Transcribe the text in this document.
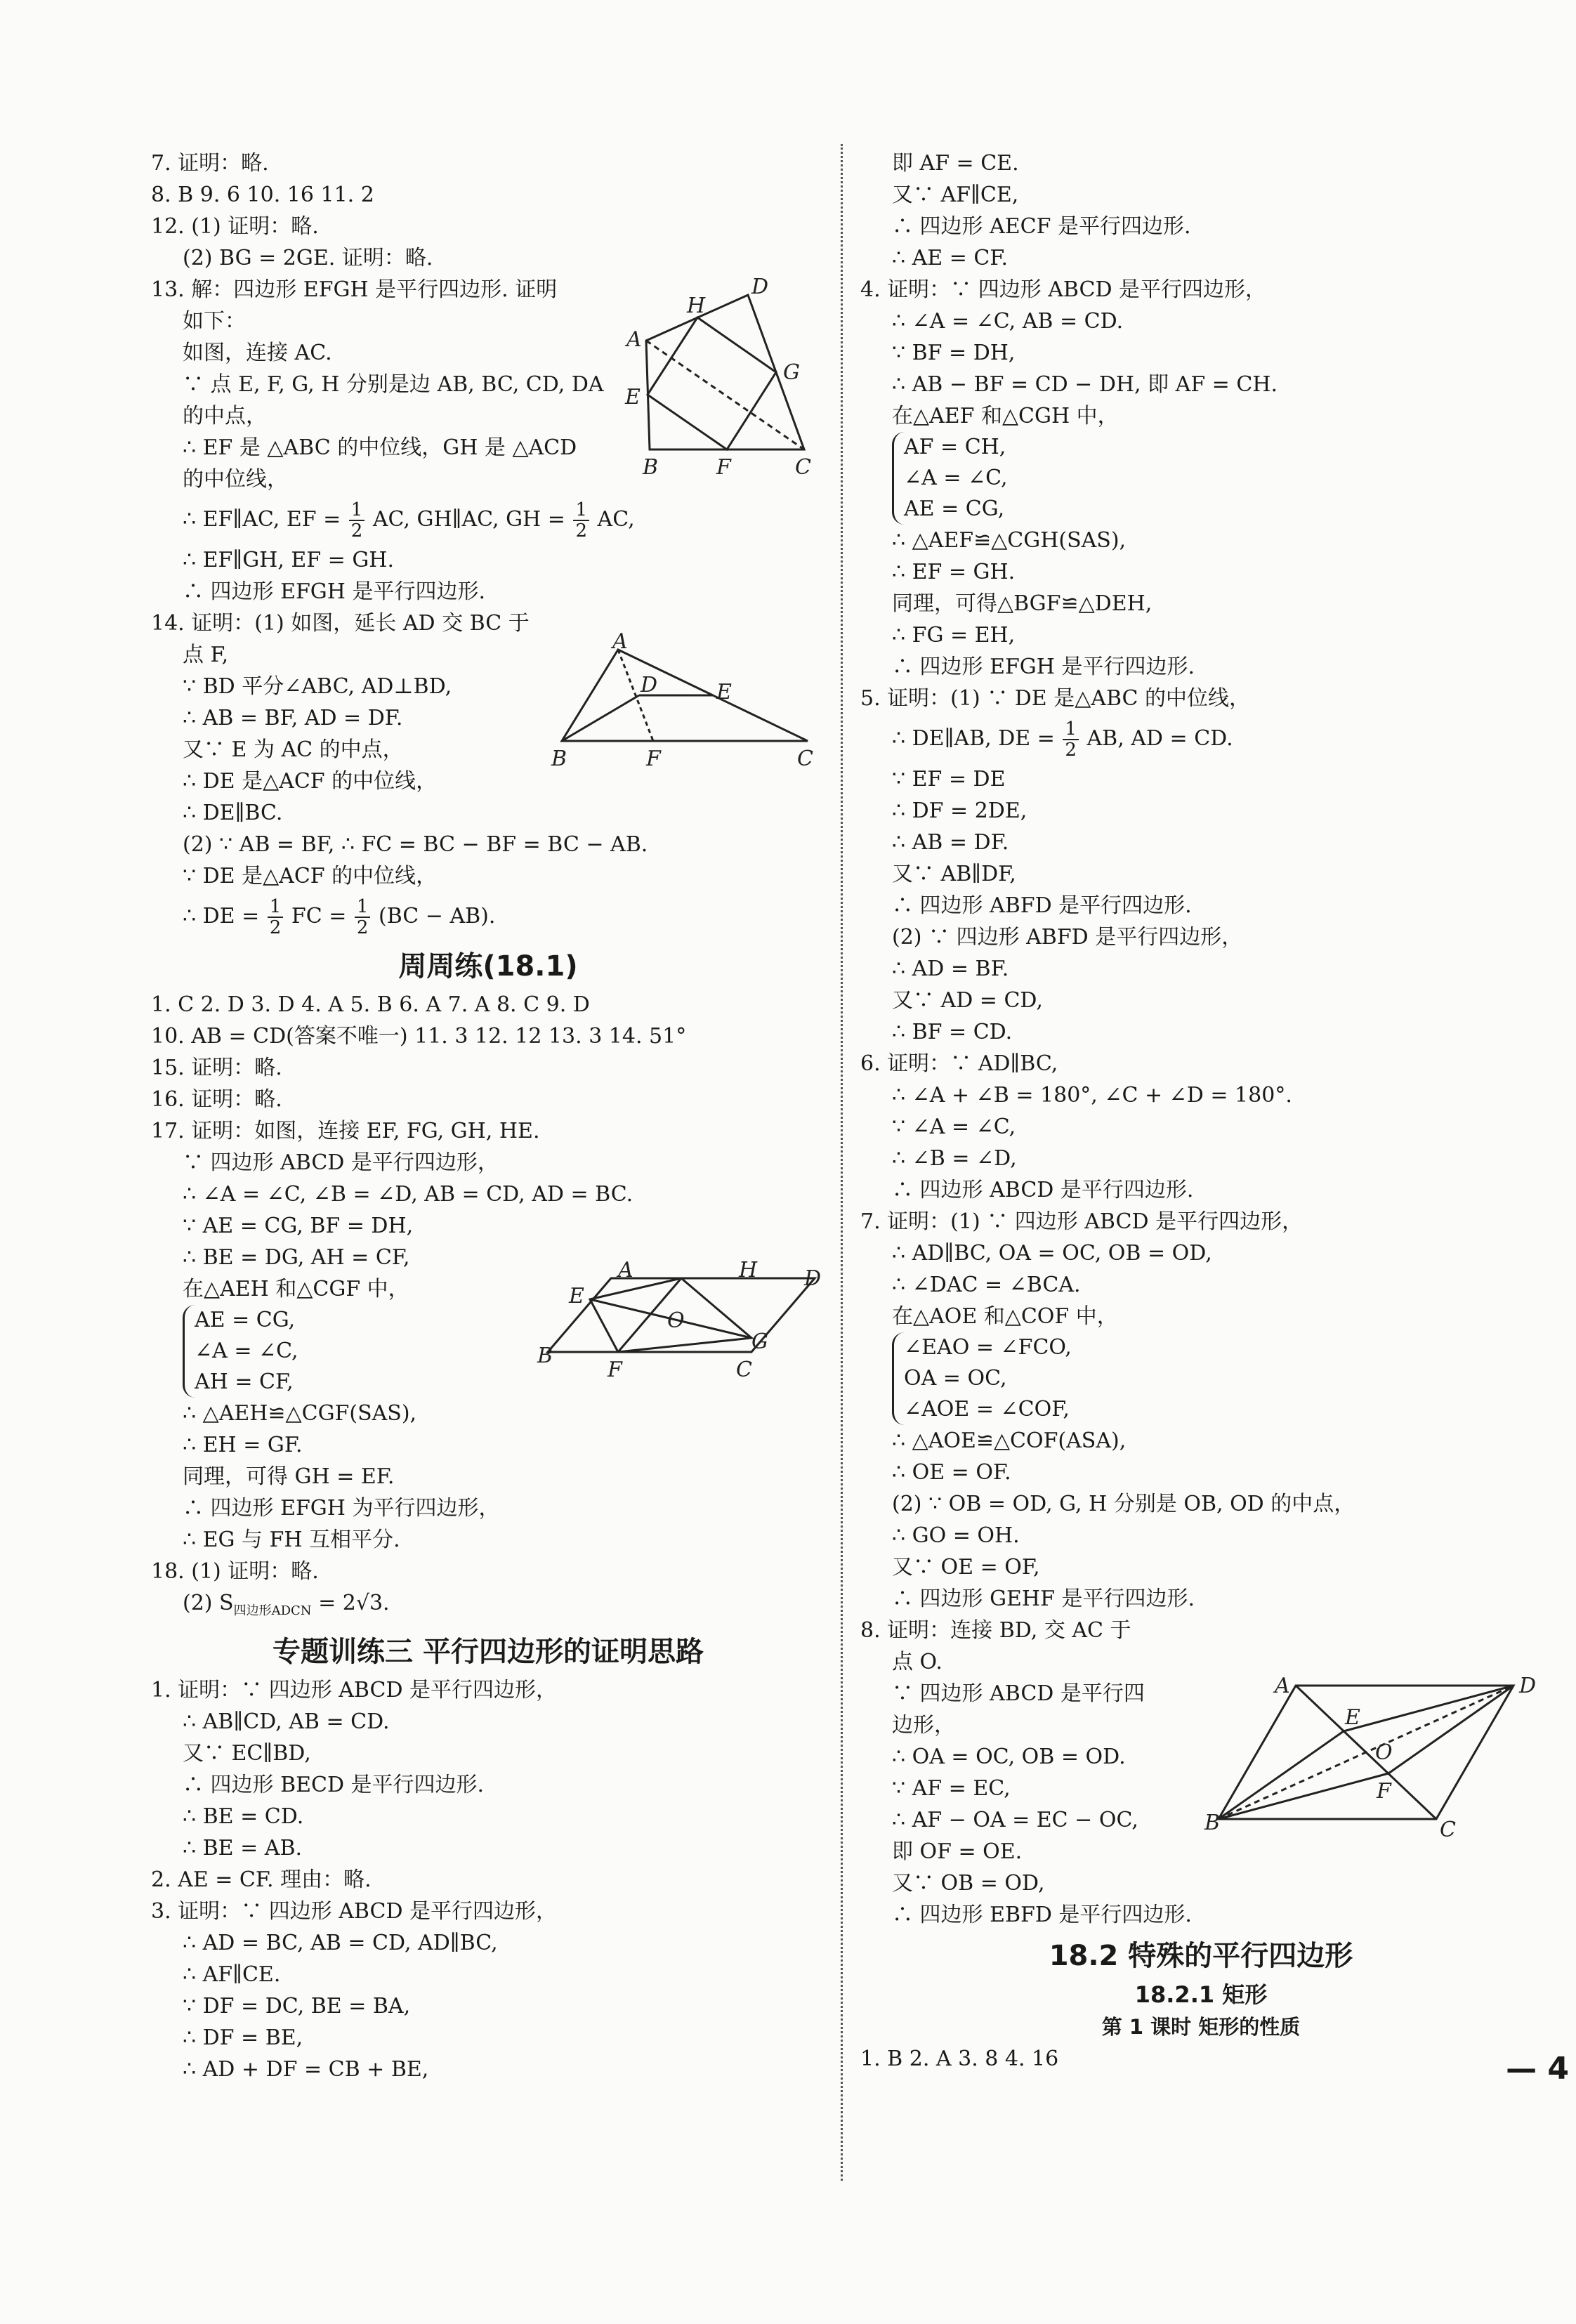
7. 证明：略.
8. B 9. 6 10. 16 11. 2
12. (1) 证明：略.
(2) BG = 2GE. 证明：略.
13. 解：四边形 EFGH 是平行四边形. 证明
如下：
如图，连接 AC.
∵ 点 E, F, G, H 分别是边 AB, BC, CD, DA
的中点，
∴ EF 是 △ABC 的中位线，GH 是 △ACD
的中位线，
∴ EF∥AC, EF = $\frac{1}{2}$ AC, GH∥AC, GH = $\frac{1}{2}$ AC,
∴ EF∥GH, EF = GH.
∴ 四边形 EFGH 是平行四边形.
14. 证明：(1) 如图，延长 AD 交 BC 于
点 F,
∵ BD 平分∠ABC, AD⊥BD,
∴ AB = BF, AD = DF.
又∵ E 为 AC 的中点，
∴ DE 是△ACF 的中位线，
∴ DE∥BC.
(2) ∵ AB = BF, ∴ FC = BC − BF = BC − AB.
∵ DE 是△ACF 的中位线，
∴ DE = $\frac{1}{2}$ FC = $\frac{1}{2} (BC - AB)$.
周周练(18.1)
1. C 2. D 3. D 4. A 5. B 6. A 7. A 8. C 9. D
10. AB = CD(答案不唯一) 11. 3 12. 12 13. 3 14. 51°
15. 证明：略.
16. 证明：略.
17. 证明：如图，连接 EF, FG, GH, HE.
∵ 四边形 ABCD 是平行四边形，
∴ ∠A = ∠C, ∠B = ∠D, AB = CD, AD = BC.
∵ AE = CG, BF = DH,
∴ BE = DG, AH = CF,
在△AEH 和△CGF 中，
AE = CG,
∠A = ∠C,
AH = CF,
∴ △AEH≌△CGF(SAS),
∴ EH = GF.
同理，可得 GH = EF.
∴ 四边形 EFGH 为平行四边形，
∴ EG 与 FH 互相平分.
18. (1) 证明：略.
(2) $S_{四边形ADCN} = 2√3$.
专题训练三 平行四边形的证明思路
1. 证明：∵ 四边形 ABCD 是平行四边形，
∴ AB∥CD, AB = CD.
又∵ EC∥BD,
∴ 四边形 BECD 是平行四边形.
∴ BE = CD.
∴ BE = AB.
2. AE = CF. 理由：略.
3. 证明：∵ 四边形 ABCD 是平行四边形，
∴ AD = BC, AB = CD, AD∥BC,
∴ AF∥CE.
∵ DF = DC, BE = BA,
∴ DF = BE,
∴ AD + DF = CB + BE,
即 AF = CE.
又∵ AF∥CE,
∴ 四边形 AECF 是平行四边形.
∴ AE = CF.
4. 证明：∵ 四边形 ABCD 是平行四边形，
∴ ∠A = ∠C, AB = CD.
∵ BF = DH,
∴ AB − BF = CD − DH, 即 AF = CH.
在△AEF 和△CGH 中，
AF = CH,
∠A = ∠C,
AE = CG,
∴ △AEF≌△CGH(SAS),
∴ EF = GH.
同理，可得△BGF≌△DEH,
∴ FG = EH,
∴ 四边形 EFGH 是平行四边形.
5. 证明：(1) ∵ DE 是△ABC 的中位线，
∴ DE∥AB, DE = $\frac{1}{2}$ AB, AD = CD.
∵ EF = DE
∴ DF = 2DE,
∴ AB = DF.
又∵ AB∥DF,
∴ 四边形 ABFD 是平行四边形.
(2) ∵ 四边形 ABFD 是平行四边形，
∴ AD = BF.
又∵ AD = CD,
∴ BF = CD.
6. 证明：∵ AD∥BC,
∴ ∠A + ∠B = 180°, ∠C + ∠D = 180°.
∵ ∠A = ∠C,
∴ ∠B = ∠D,
∴ 四边形 ABCD 是平行四边形.
7. 证明：(1) ∵ 四边形 ABCD 是平行四边形，
∴ AD∥BC, OA = OC, OB = OD,
∴ ∠DAC = ∠BCA.
在△AOE 和△COF 中，
∠EAO = ∠FCO,
OA = OC,
∠AOE = ∠COF,
∴ △AOE≌△COF(ASA),
∴ OE = OF.
(2) ∵ OB = OD, G, H 分别是 OB, OD 的中点，
∴ GO = OH.
又∵ OE = OF,
∴ 四边形 GEHF 是平行四边形.
8. 证明：连接 BD, 交 AC 于
点 O.
∵ 四边形 ABCD 是平行四
边形，
∴ OA = OC, OB = OD.
∵ AF = EC,
∴ AF − OA = EC − OC,
即 OF = OE.
又∵ OB = OD,
∴ 四边形 EBFD 是平行四边形.
18.2 特殊的平行四边形
18.2.1 矩形
第 1 课时 矩形的性质
1. B 2. A 3. 8 4. 16
A
D
H
G
E
B	F	C
A
D	E
B	F	C
A	H D
E
O
G
B
F	C
A	D
E
O
F
B	C
— 4
